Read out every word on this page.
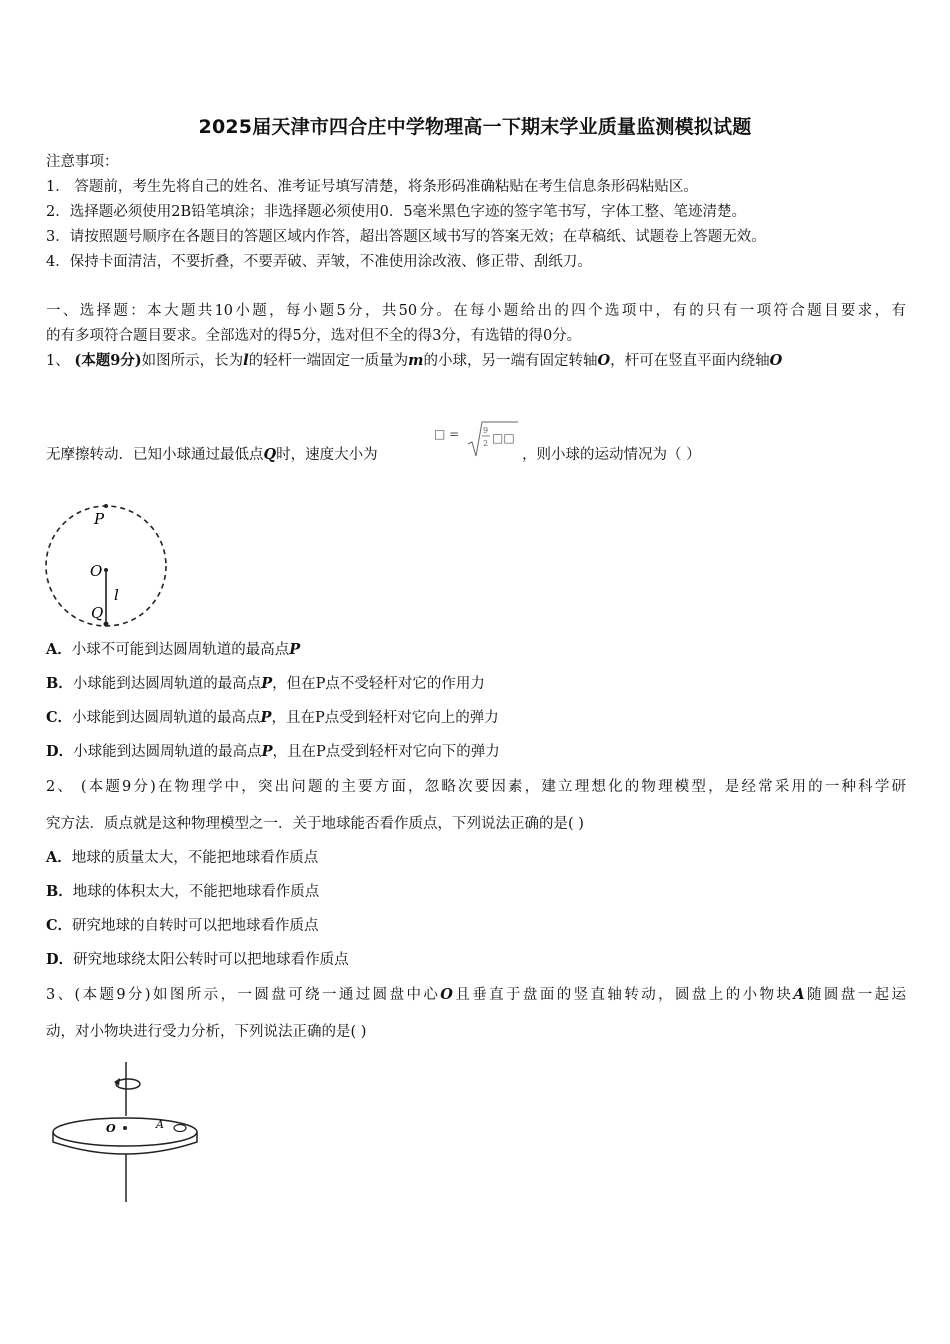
2025届天津市四合庄中学物理高一下期末学业质量监测模拟试题
注意事项：
1． 答题前，考生先将自己的姓名、准考证号填写清楚，将条形码准确粘贴在考生信息条形码粘贴区。
2．选择题必须使用2B铅笔填涂；非选择题必须使用0．5毫米黑色字迹的签字笔书写，字体工整、笔迹清楚。
3．请按照题号顺序在各题目的答题区域内作答，超出答题区域书写的答案无效；在草稿纸、试题卷上答题无效。
4．保持卡面清洁，不要折叠，不要弄破、弄皱，不准使用涂改液、修正带、刮纸刀。
一、选择题：本大题共10小题，每小题5分，共50分。在每小题给出的四个选项中，有的只有一项符合题目要求，有
的有多项符合题目要求。全部选对的得5分，选对但不全的得3分，有选错的得0分。
1、 (本题9分)如图所示，长为l的轻杆一端固定一质量为m的小球，另一端有固定转轴O，杆可在竖直平面内绕轴O
无摩擦转动．已知小球通过最低点Q时，速度大小为
□ =	9
2 □□
，则小球的运动情况为（ ）
P
O
l
Q
A．小球不可能到达圆周轨道的最高点P
B．小球能到达圆周轨道的最高点P，但在P点不受轻杆对它的作用力
C．小球能到达圆周轨道的最高点P，且在P点受到轻杆对它向上的弹力
D．小球能到达圆周轨道的最高点P，且在P点受到轻杆对它向下的弹力
2、 (本题9分)在物理学中，突出问题的主要方面，忽略次要因素，建立理想化的物理模型，是经常采用的一种科学研
究方法．质点就是这种物理模型之一．关于地球能否看作质点，下列说法正确的是( )
A．地球的质量太大，不能把地球看作质点
B．地球的体积太大，不能把地球看作质点
C．研究地球的自转时可以把地球看作质点
D．研究地球绕太阳公转时可以把地球看作质点
3、(本题9分)如图所示，一圆盘可绕一通过圆盘中心O且垂直于盘面的竖直轴转动，圆盘上的小物块A随圆盘一起运
动，对小物块进行受力分析，下列说法正确的是( )
O	A
